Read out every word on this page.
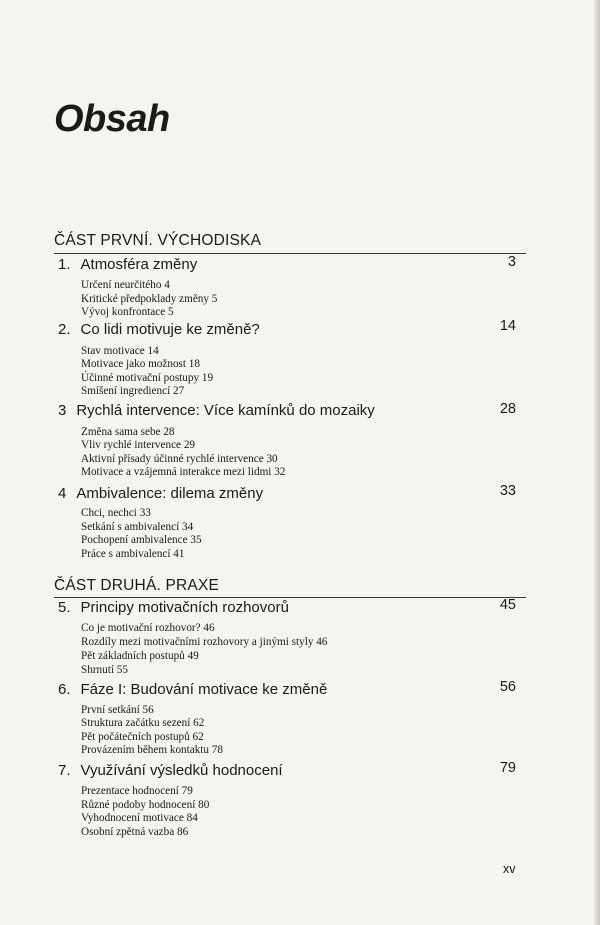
Obsah
ČÁST PRVNÍ. VÝCHODISKA
1. Atmosféra změny	3
Určení neurčitého 4
Kritické předpoklady změny 5
Vývoj konfrontace 5
2. Co lidi motivuje ke změně?	14
Stav motivace 14
Motivace jako možnost 18
Účinné motivační postupy 19
Smíšení ingrediencí 27
3 Rychlá intervence: Více kamínků do mozaiky	28
Změna sama sebe 28
Vliv rychlé intervence 29
Aktivní přísady účinné rychlé intervence 30
Motivace a vzájemná interakce mezi lidmi 32
4 Ambivalence: dilema změny	33
Chci, nechci 33
Setkání s ambivalencí 34
Pochopení ambivalence 35
Práce s ambivalencí 41
ČÁST DRUHÁ. PRAXE
5. Principy motivačních rozhovorů	45
Co je motivační rozhovor? 46
Rozdíly mezi motivačními rozhovory a jinými styly 46
Pět základních postupů 49
Shrnutí 55
6. Fáze I: Budování motivace ke změně	56
První setkání 56
Struktura začátku sezení 62
Pět počátečních postupů 62
Provázením během kontaktu 78
7. Využívání výsledků hodnocení	79
Prezentace hodnocení 79
Různé podoby hodnocení 80
Vyhodnocení motivace 84
Osobní zpětná vazba 86
xv
